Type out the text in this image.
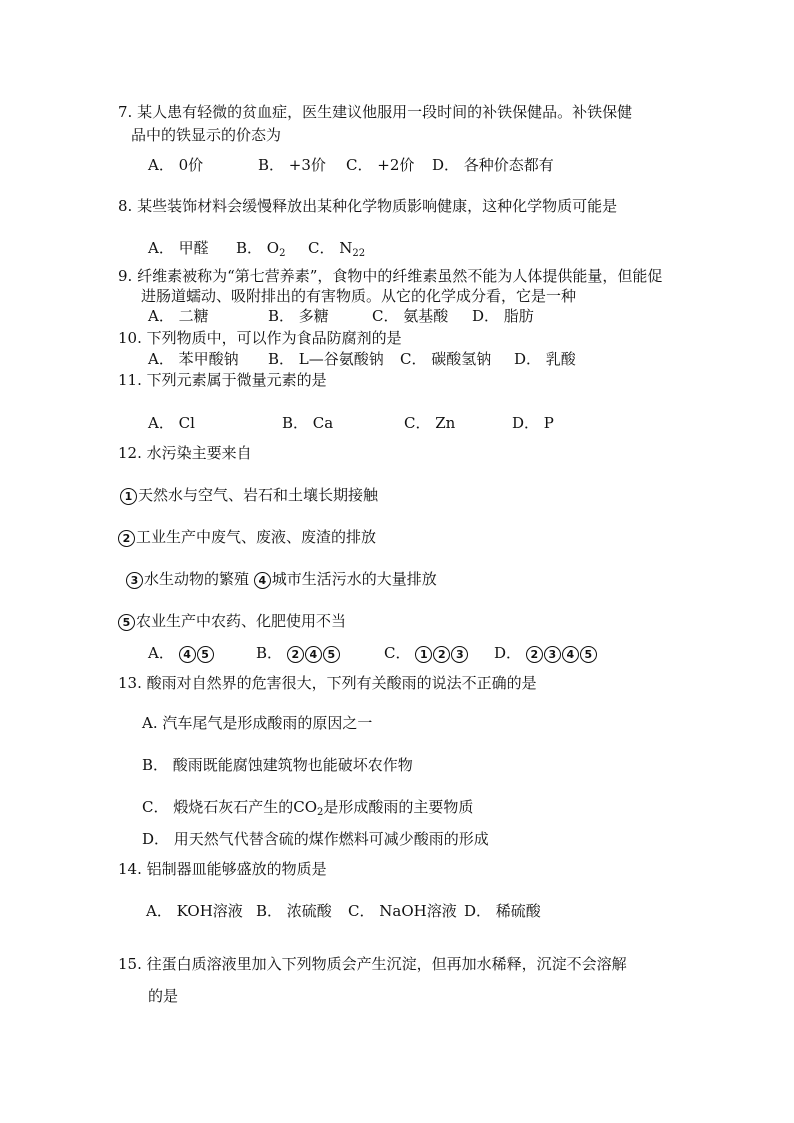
7. 某人患有轻微的贫血症，医生建议他服用一段时间的补铁保健品。补铁保健
品中的铁显示的价态为
A． 0价	B． +3价 C． +2价 D． 各种价态都有
8. 某些装饰材料会缓慢释放出某种化学物质影响健康，这种化学物质可能是
A． 甲醛 B． $O_2$ C． $N_{22}$
9. 纤维素被称为“第七营养素”，食物中的纤维素虽然不能为人体提供能量，但能促
进肠道蠕动、吸附排出的有害物质。从它的化学成分看，它是一种
A． 二糖	B． 多糖	C． 氨基酸 D． 脂肪
10. 下列物质中，可以作为食品防腐剂的是
A． 苯甲酸钠 B． L—谷氨酸钠 C． 碳酸氢钠 D． 乳酸
11. 下列元素属于微量元素的是
A． Cl	B． Ca	C． Zn	D． P
12. 水污染主要来自
1 天然水与空气、岩石和土壤长期接触
2 工业生产中废气、废液、废渣的排放
3 水生动物的繁殖 4 城市生活污水的大量排放
5 农业生产中农药、化肥使用不当
A． 4 5	B． 2 4 5	C． 1 2 3	D． 2 3 4 5
13. 酸雨对自然界的危害很大，下列有关酸雨的说法不正确的是
A. 汽车尾气是形成酸雨的原因之一
B． 酸雨既能腐蚀建筑物也能破坏农作物
C． 煅烧石灰石产生的$CO_2$是形成酸雨的主要物质
D． 用天然气代替含硫的煤作燃料可减少酸雨的形成
14. 铝制器皿能够盛放的物质是
A． KOH溶液 B． 浓硫酸 C． NaOH溶液 D． 稀硫酸
15. 往蛋白质溶液里加入下列物质会产生沉淀，但再加水稀释，沉淀不会溶解
的是
